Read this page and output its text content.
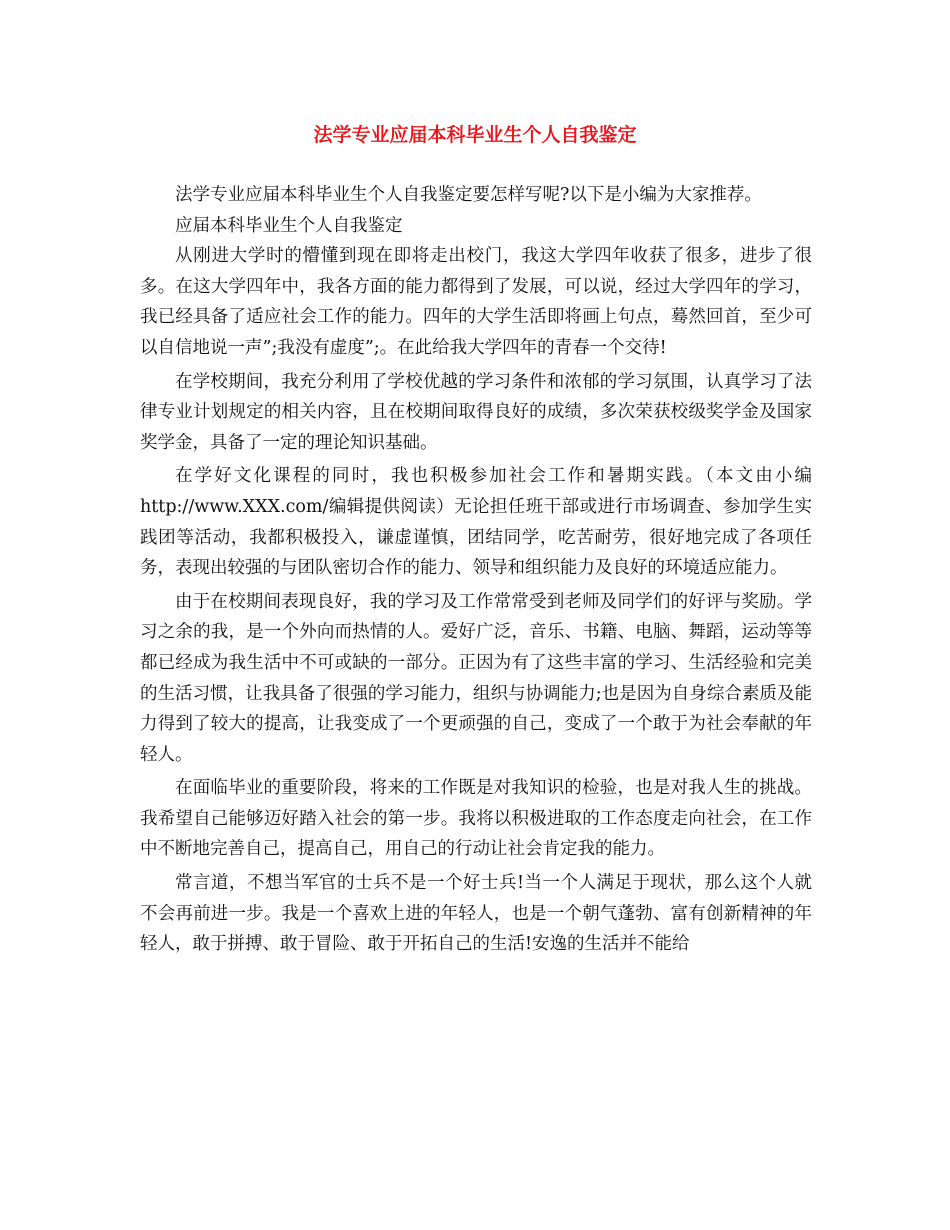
法学专业应届本科毕业生个人自我鉴定

法学专业应届本科毕业生个人自我鉴定要怎样写呢?以下是小编为大家推荐。

应届本科毕业生个人自我鉴定

从刚进大学时的懵懂到现在即将走出校门，我这大学四年收获了很多，进步了很多。在这大学四年中，我各方面的能力都得到了发展，可以说，经过大学四年的学习，我已经具备了适应社会工作的能力。四年的大学生活即将画上句点，蓦然回首，至少可以自信地说一声”;我没有虚度”;。在此给我大学四年的青春一个交待!

在学校期间，我充分利用了学校优越的学习条件和浓郁的学习氛围，认真学习了法律专业计划规定的相关内容，且在校期间取得良好的成绩，多次荣获校级奖学金及国家奖学金，具备了一定的理论知识基础。

在学好文化课程的同时，我也积极参加社会工作和暑期实践。（本文由小编http://www.XXX.com/编辑提供阅读）无论担任班干部或进行市场调查、参加学生实践团等活动，我都积极投入，谦虚谨慎，团结同学，吃苦耐劳，很好地完成了各项任务，表现出较强的与团队密切合作的能力、领导和组织能力及良好的环境适应能力。

由于在校期间表现良好，我的学习及工作常常受到老师及同学们的好评与奖励。学习之余的我，是一个外向而热情的人。爱好广泛，音乐、书籍、电脑、舞蹈，运动等等都已经成为我生活中不可或缺的一部分。正因为有了这些丰富的学习、生活经验和完美的生活习惯，让我具备了很强的学习能力，组织与协调能力;也是因为自身综合素质及能力得到了较大的提高，让我变成了一个更顽强的自己，变成了一个敢于为社会奉献的年轻人。

在面临毕业的重要阶段，将来的工作既是对我知识的检验，也是对我人生的挑战。我希望自己能够迈好踏入社会的第一步。我将以积极进取的工作态度走向社会，在工作中不断地完善自己，提高自己，用自己的行动让社会肯定我的能力。

常言道，不想当军官的士兵不是一个好士兵!当一个人满足于现状，那么这个人就不会再前进一步。我是一个喜欢上进的年轻人，也是一个朝气蓬勃、富有创新精神的年轻人，敢于拼搏、敢于冒险、敢于开拓自己的生活!安逸的生活并不能给
